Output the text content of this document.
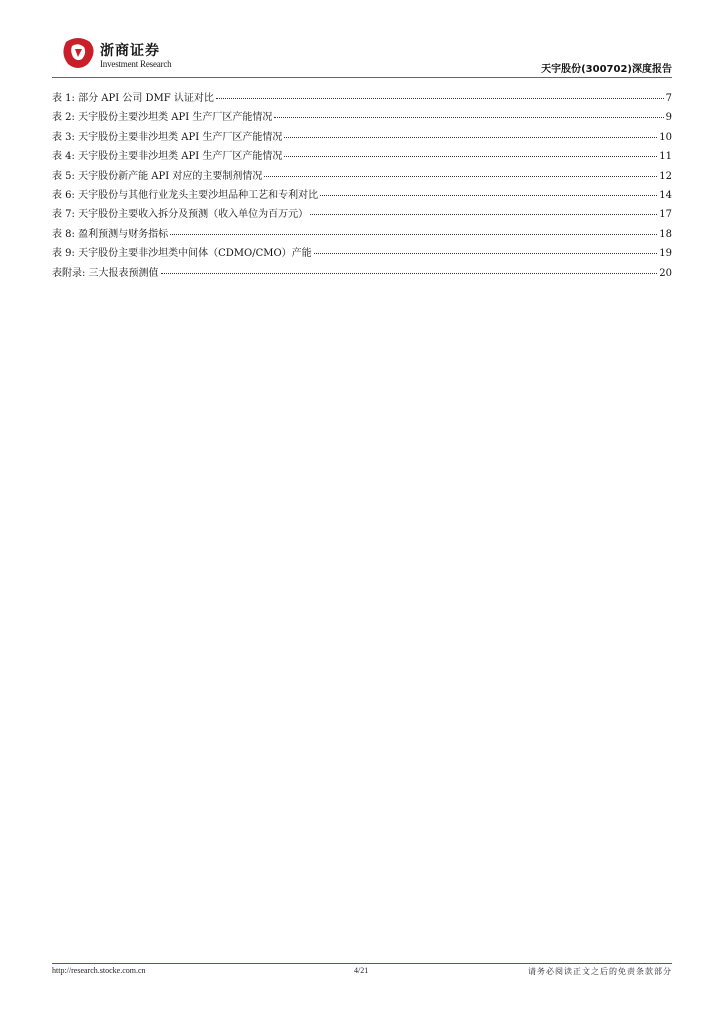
浙商证券
Investment Research	天宇股份(300702)深度报告
表 1: 部分 API 公司 DMF 认证对比	7
表 2: 天宇股份主要沙坦类 API 生产厂区产能情况	9
表 3: 天宇股份主要非沙坦类 API 生产厂区产能情况	10
表 4: 天宇股份主要非沙坦类 API 生产厂区产能情况	11
表 5: 天宇股份新产能 API 对应的主要制剂情况	12
表 6: 天宇股份与其他行业龙头主要沙坦品种工艺和专利对比	14
表 7: 天宇股份主要收入拆分及预测（收入单位为百万元）	17
表 8: 盈利预测与财务指标	18
表 9: 天宇股份主要非沙坦类中间体（CDMO/CMO）产能	19
表附录: 三大报表预测值	20
http://research.stocke.com.cn	4/21	请务必阅读正文之后的免责条款部分
